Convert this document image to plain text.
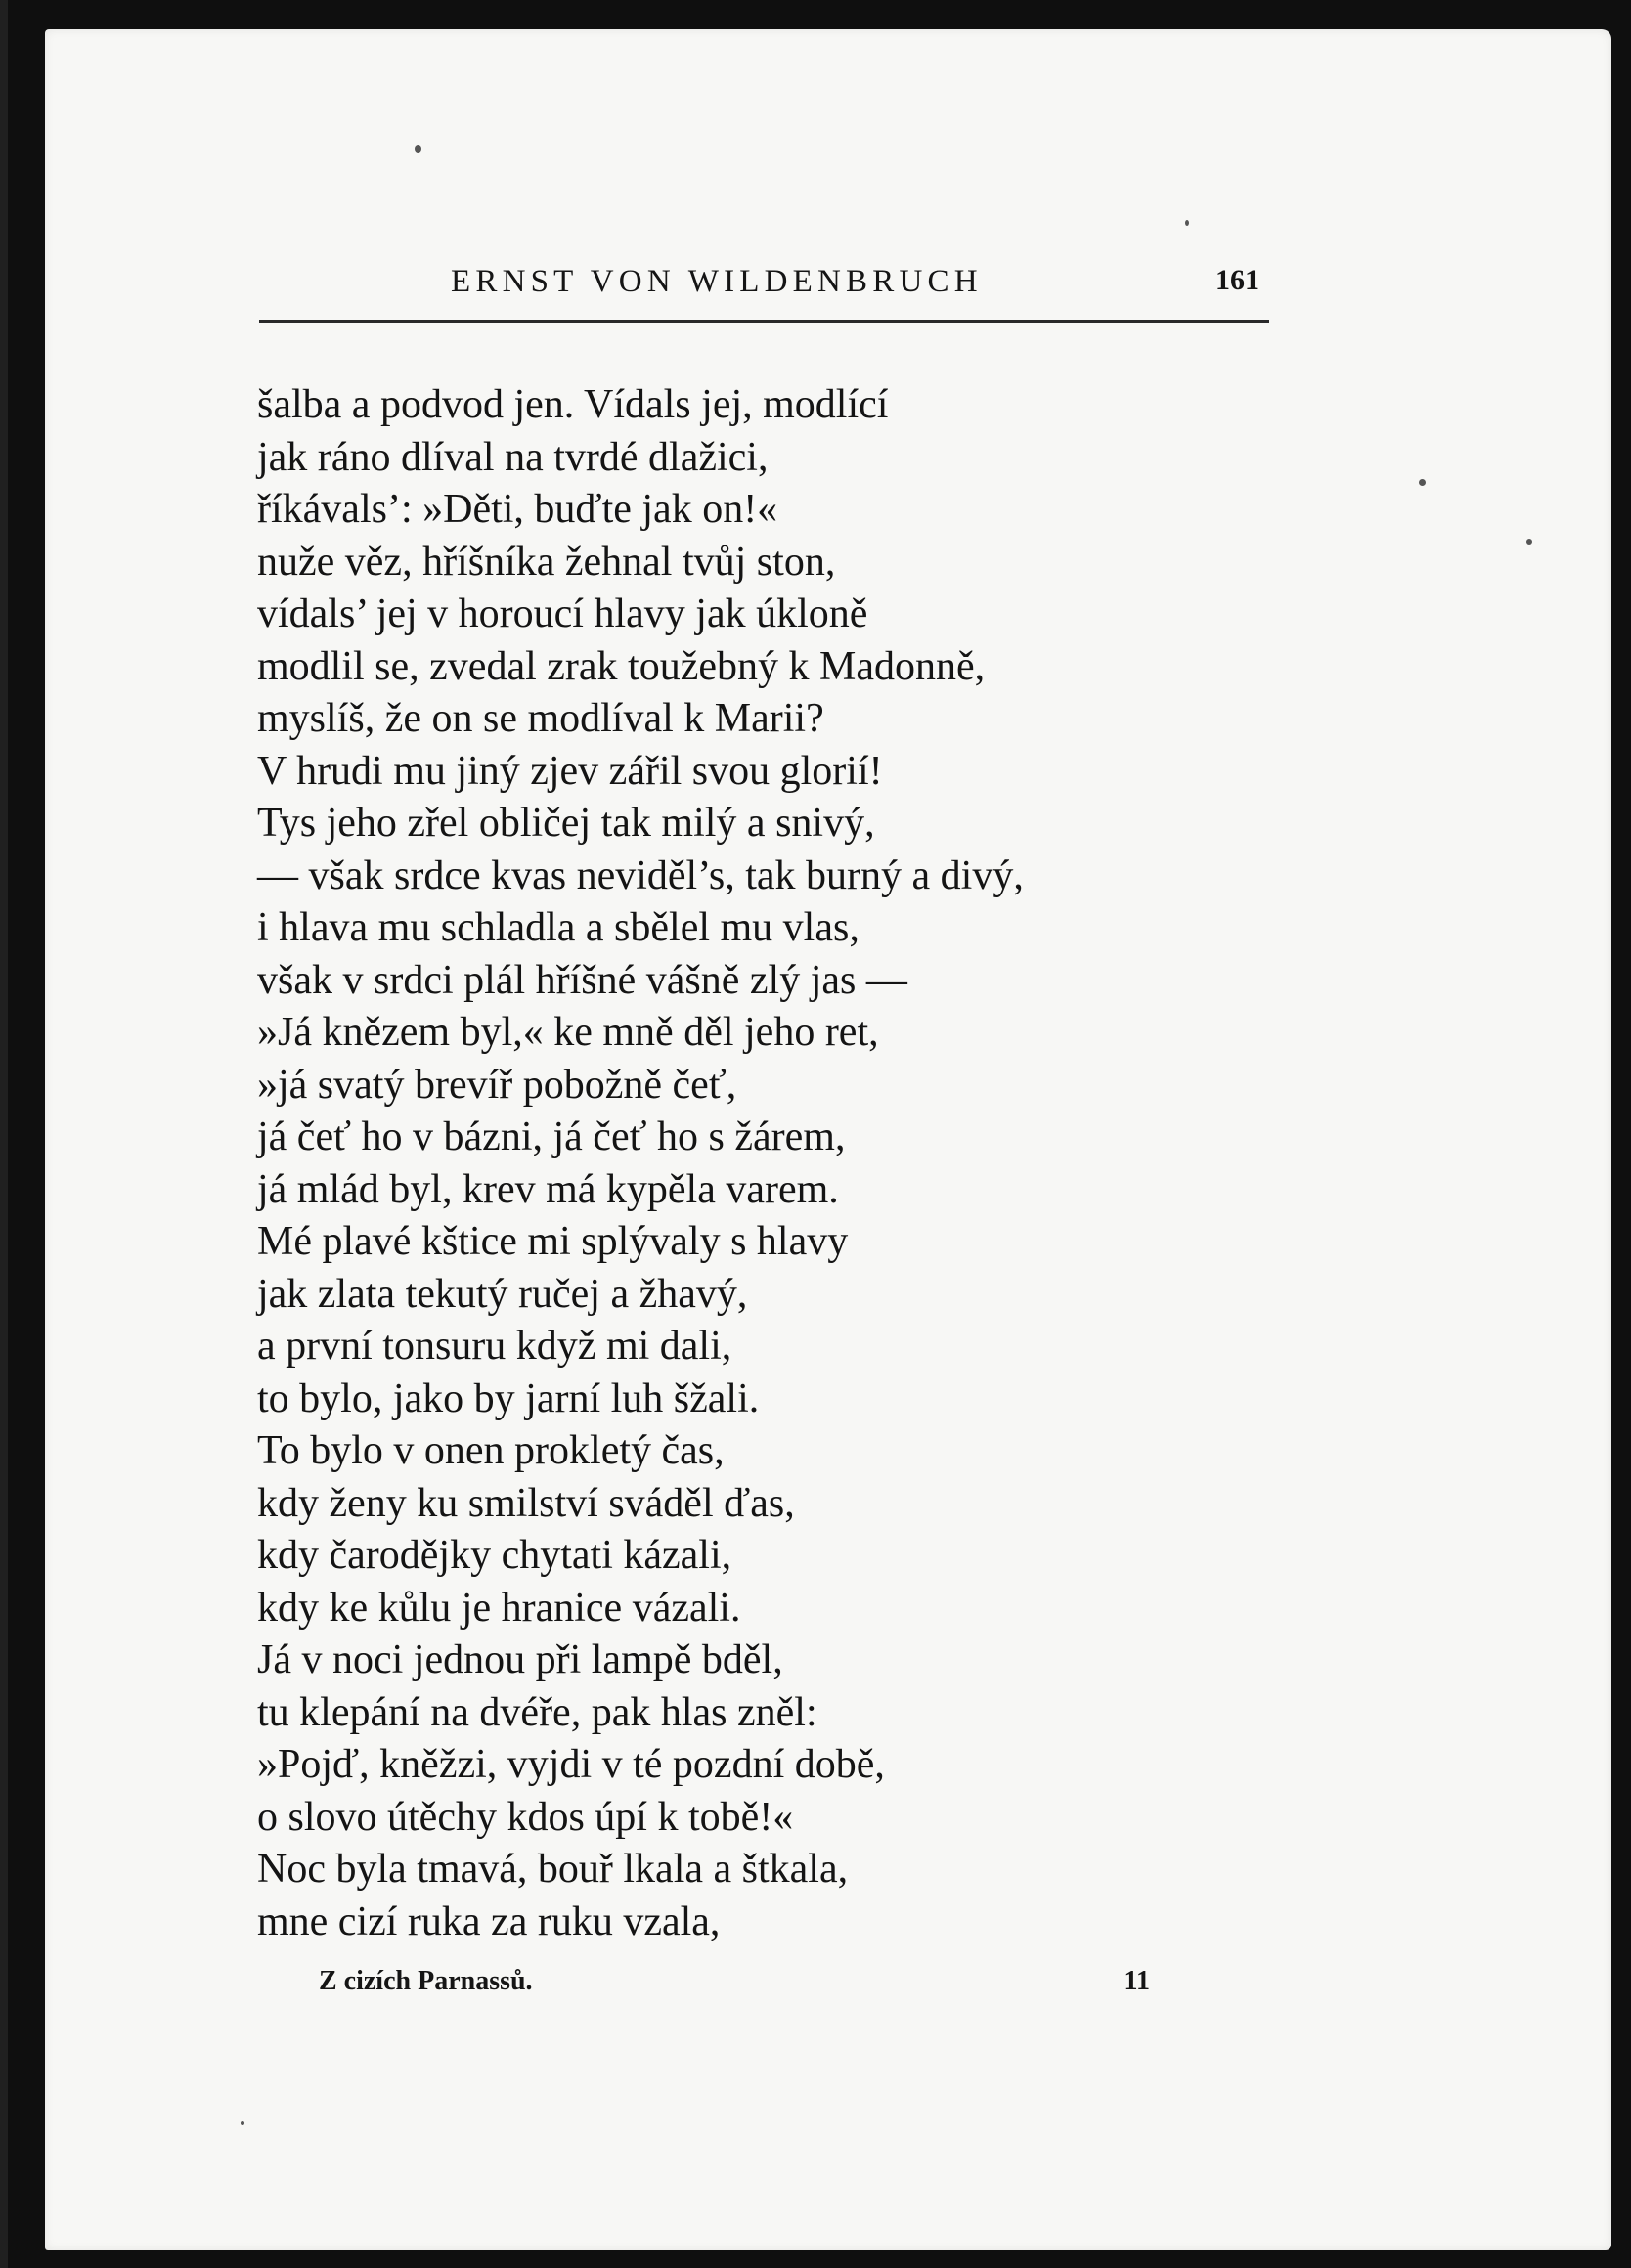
ERNST VON WILDENBRUCH	161
šalba a podvod jen. Vídals jej, modlící
jak ráno dlíval na tvrdé dlažici,
říkávals’: »Děti, buďte jak on!«
nuže věz, hříšníka žehnal tvůj ston,
vídals’ jej v horoucí hlavy jak úkloně
modlil se, zvedal zrak toužebný k Madonně,
myslíš, že on se modlíval k Marii?
V hrudi mu jiný zjev zářil svou glorií!
Tys jeho zřel obličej tak milý a snivý,
— však srdce kvas neviděl’s, tak burný a divý,
i hlava mu schladla a sbělel mu vlas,
však v srdci plál hříšné vášně zlý jas —
»Já knězem byl,« ke mně děl jeho ret,
»já svatý brevíř pobožně čeť,
já čeť ho v bázni, já čeť ho s žárem,
já mlád byl, krev má kypěla varem.
Mé plavé kštice mi splývaly s hlavy
jak zlata tekutý ručej a žhavý,
a první tonsuru když mi dali,
to bylo, jako by jarní luh šžali.
To bylo v onen prokletý čas,
kdy ženy ku smilství sváděl ďas,
kdy čarodějky chytati kázali,
kdy ke kůlu je hranice vázali.
Já v noci jednou při lampě bděl,
tu klepání na dvéře, pak hlas zněl:
»Pojď, kněžzi, vyjdi v té pozdní době,
o slovo útěchy kdos úpí k tobě!«
Noc byla tmavá, bouř lkala a štkala,
mne cizí ruka za ruku vzala,
Z cizích Parnassů.	11
